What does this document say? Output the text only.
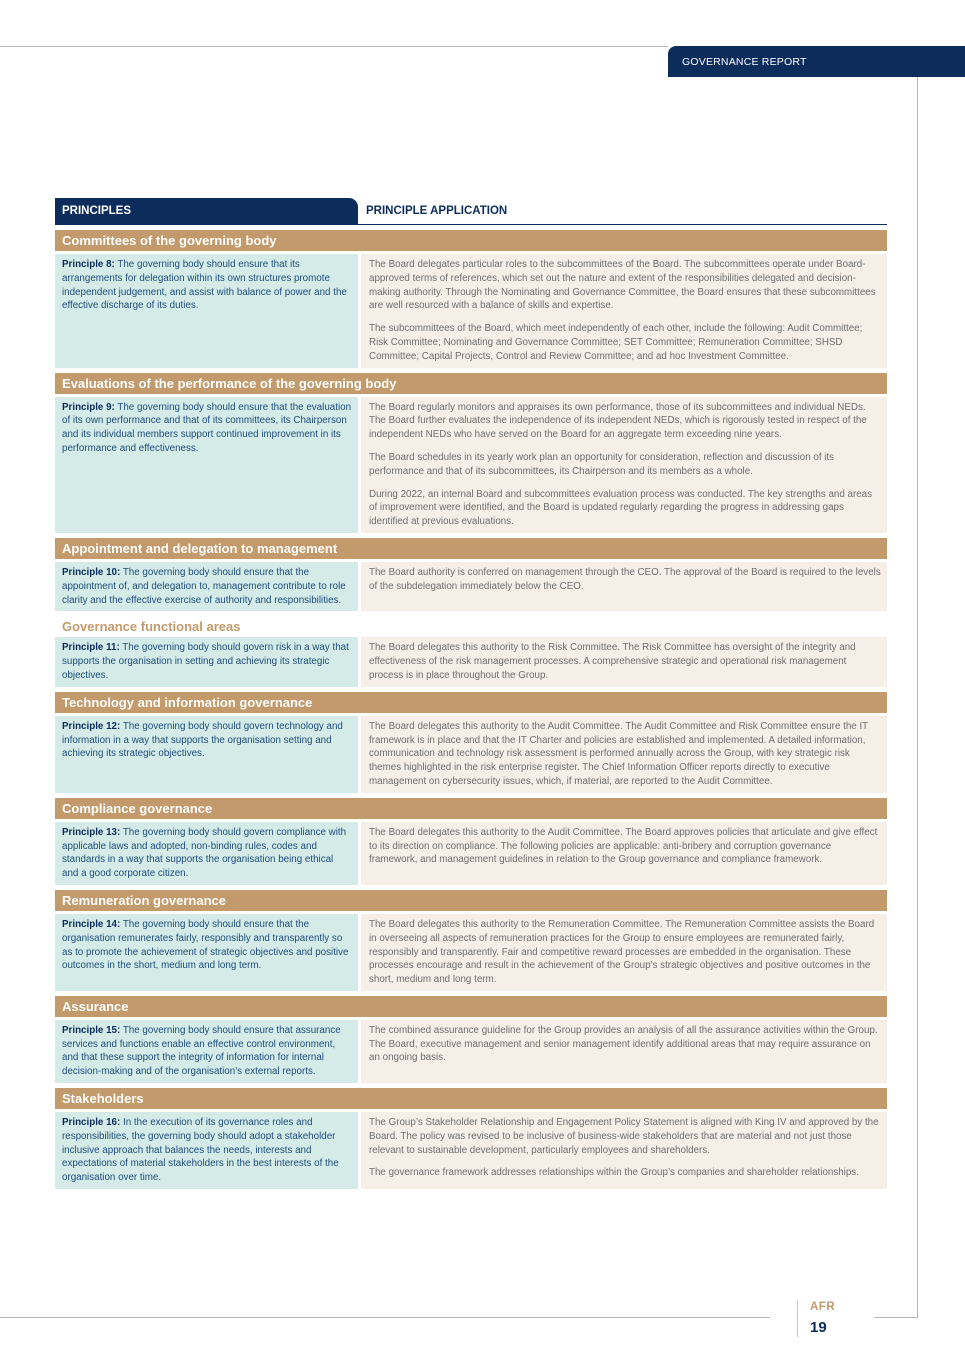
GOVERNANCE REPORT
PRINCIPLES	PRINCIPLE APPLICATION
Committees of the governing body
Principle 8: The governing body should ensure that its arrangements for delegation within its own structures promote independent judgement, and assist with balance of power and the effective discharge of its duties.

The Board delegates particular roles to the subcommittees of the Board. The subcommittees operate under Board-approved terms of references, which set out the nature and extent of the responsibilities delegated and decision-making authority. Through the Nominating and Governance Committee, the Board ensures that these subcommittees are well resourced with a balance of skills and expertise.

The subcommittees of the Board, which meet independently of each other, include the following: Audit Committee; Risk Committee; Nominating and Governance Committee; SET Committee; Remuneration Committee; SHSD Committee; Capital Projects, Control and Review Committee; and ad hoc Investment Committee.

Evaluations of the performance of the governing body
Principle 9: The governing body should ensure that the evaluation of its own performance and that of its committees, its Chairperson and its individual members support continued improvement in its performance and effectiveness.

The Board regularly monitors and appraises its own performance, those of its subcommittees and individual NEDs. The Board further evaluates the independence of its independent NEDs, which is rigorously tested in respect of the independent NEDs who have served on the Board for an aggregate term exceeding nine years.

The Board schedules in its yearly work plan an opportunity for consideration, reflection and discussion of its performance and that of its subcommittees, its Chairperson and its members as a whole.

During 2022, an internal Board and subcommittees evaluation process was conducted. The key strengths and areas of improvement were identified, and the Board is updated regularly regarding the progress in addressing gaps identified at previous evaluations.

Appointment and delegation to management
Principle 10: The governing body should ensure that the appointment of, and delegation to, management contribute to role clarity and the effective exercise of authority and responsibilities.

The Board authority is conferred on management through the CEO. The approval of the Board is required to the levels of the subdelegation immediately below the CEO.

Governance functional areas
Principle 11: The governing body should govern risk in a way that supports the organisation in setting and achieving its strategic objectives.

The Board delegates this authority to the Risk Committee. The Risk Committee has oversight of the integrity and effectiveness of the risk management processes. A comprehensive strategic and operational risk management process is in place throughout the Group.

Technology and information governance
Principle 12: The governing body should govern technology and information in a way that supports the organisation setting and achieving its strategic objectives.

The Board delegates this authority to the Audit Committee. The Audit Committee and Risk Committee ensure the IT framework is in place and that the IT Charter and policies are established and implemented. A detailed information, communication and technology risk assessment is performed annually across the Group, with key strategic risk themes highlighted in the risk enterprise register. The Chief Information Officer reports directly to executive management on cybersecurity issues, which, if material, are reported to the Audit Committee.

Compliance governance
Principle 13: The governing body should govern compliance with applicable laws and adopted, non-binding rules, codes and standards in a way that supports the organisation being ethical and a good corporate citizen.

The Board delegates this authority to the Audit Committee. The Board approves policies that articulate and give effect to its direction on compliance. The following policies are applicable: anti-bribery and corruption governance framework, and management guidelines in relation to the Group governance and compliance framework.

Remuneration governance
Principle 14: The governing body should ensure that the organisation remunerates fairly, responsibly and transparently so as to promote the achievement of strategic objectives and positive outcomes in the short, medium and long term.

The Board delegates this authority to the Remuneration Committee. The Remuneration Committee assists the Board in overseeing all aspects of remuneration practices for the Group to ensure employees are remunerated fairly, responsibly and transparently. Fair and competitive reward processes are embedded in the organisation. These processes encourage and result in the achievement of the Group’s strategic objectives and positive outcomes in the short, medium and long term.

Assurance
Principle 15: The governing body should ensure that assurance services and functions enable an effective control environment, and that these support the integrity of information for internal decision-making and of the organisation’s external reports.

The combined assurance guideline for the Group provides an analysis of all the assurance activities within the Group. The Board, executive management and senior management identify additional areas that may require assurance on an ongoing basis.

Stakeholders
Principle 16: In the execution of its governance roles and responsibilities, the governing body should adopt a stakeholder inclusive approach that balances the needs, interests and expectations of material stakeholders in the best interests of the organisation over time.

The Group’s Stakeholder Relationship and Engagement Policy Statement is aligned with King IV and approved by the Board. The policy was revised to be inclusive of business-wide stakeholders that are material and not just those relevant to sustainable development, particularly employees and shareholders.

The governance framework addresses relationships within the Group’s companies and shareholder relationships.

AFR
19
